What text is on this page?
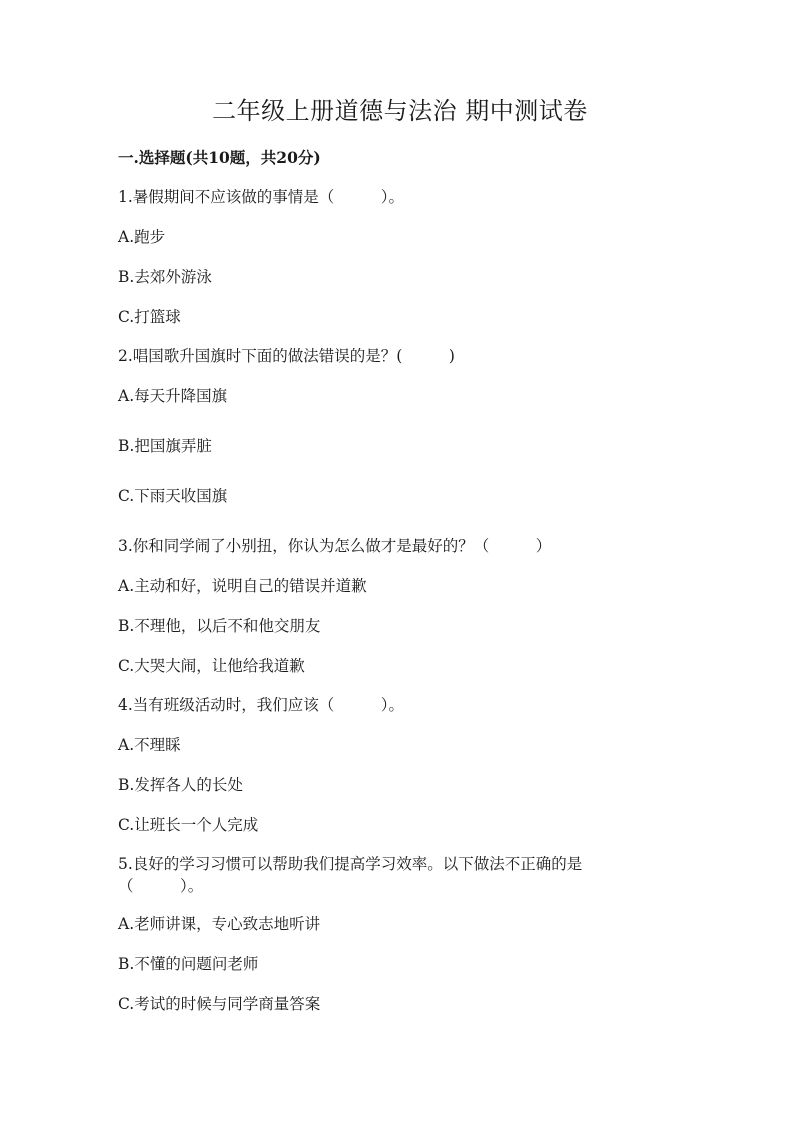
二年级上册道德与法治 期中测试卷
一.选择题(共10题，共20分)
1.暑假期间不应该做的事情是（　　　）。
A.跑步
B.去郊外游泳
C.打篮球
2.唱国歌升国旗时下面的做法错误的是？(　　　)
A.每天升降国旗
B.把国旗弄脏
C.下雨天收国旗
3.你和同学闹了小别扭，你认为怎么做才是最好的？（　　　）
A.主动和好，说明自己的错误并道歉
B.不理他，以后不和他交朋友
C.大哭大闹，让他给我道歉
4.当有班级活动时，我们应该（　　　）。
A.不理睬
B.发挥各人的长处
C.让班长一个人完成
5.良好的学习习惯可以帮助我们提高学习效率。以下做法不正确的是（　　　）。
A.老师讲课，专心致志地听讲
B.不懂的问题问老师
C.考试的时候与同学商量答案
